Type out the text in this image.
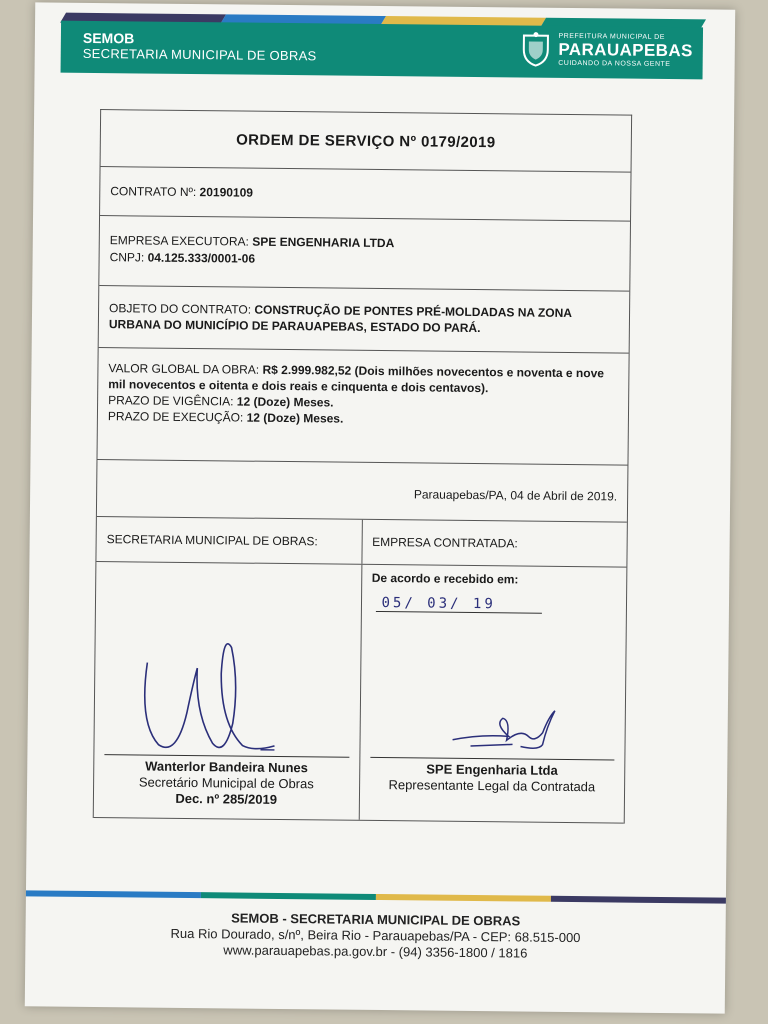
SEMOB
SECRETARIA MUNICIPAL DE OBRAS
PREFEITURA MUNICIPAL DE
PARAUAPEBAS
CUIDANDO DA NOSSA GENTE
ORDEM DE SERVIÇO Nº 0179/2019
CONTRATO Nº:
20190109
EMPRESA EXECUTORA: SPE ENGENHARIA LTDA
CNPJ: 04.125.333/0001-06
OBJETO DO CONTRATO: CONSTRUÇÃO DE PONTES PRÉ-MOLDADAS NA ZONA URBANA DO MUNICÍPIO DE PARAUAPEBAS, ESTADO DO PARÁ.
VALOR GLOBAL DA OBRA: R$ 2.999.982,52 (Dois milhões novecentos e noventa e nove mil novecentos e oitenta e dois reais e cinquenta e dois centavos).
PRAZO DE VIGÊNCIA: 12 (Doze) Meses.
PRAZO DE EXECUÇÃO: 12 (Doze) Meses.
Parauapebas/PA, 04 de Abril de 2019.
SECRETARIA MUNICIPAL DE OBRAS:	EMPRESA CONTRATADA:
Wanterlor Bandeira Nunes
Secretário Municipal de Obras
Dec. nº 285/2019
De acordo e recebido em:
05/ 03/ 19
SPE Engenharia Ltda
Representante Legal da Contratada
SEMOB - SECRETARIA MUNICIPAL DE OBRAS
Rua Rio Dourado, s/nº, Beira Rio - Parauapebas/PA - CEP: 68.515-000
www.parauapebas.pa.gov.br - (94) 3356-1800 / 1816
